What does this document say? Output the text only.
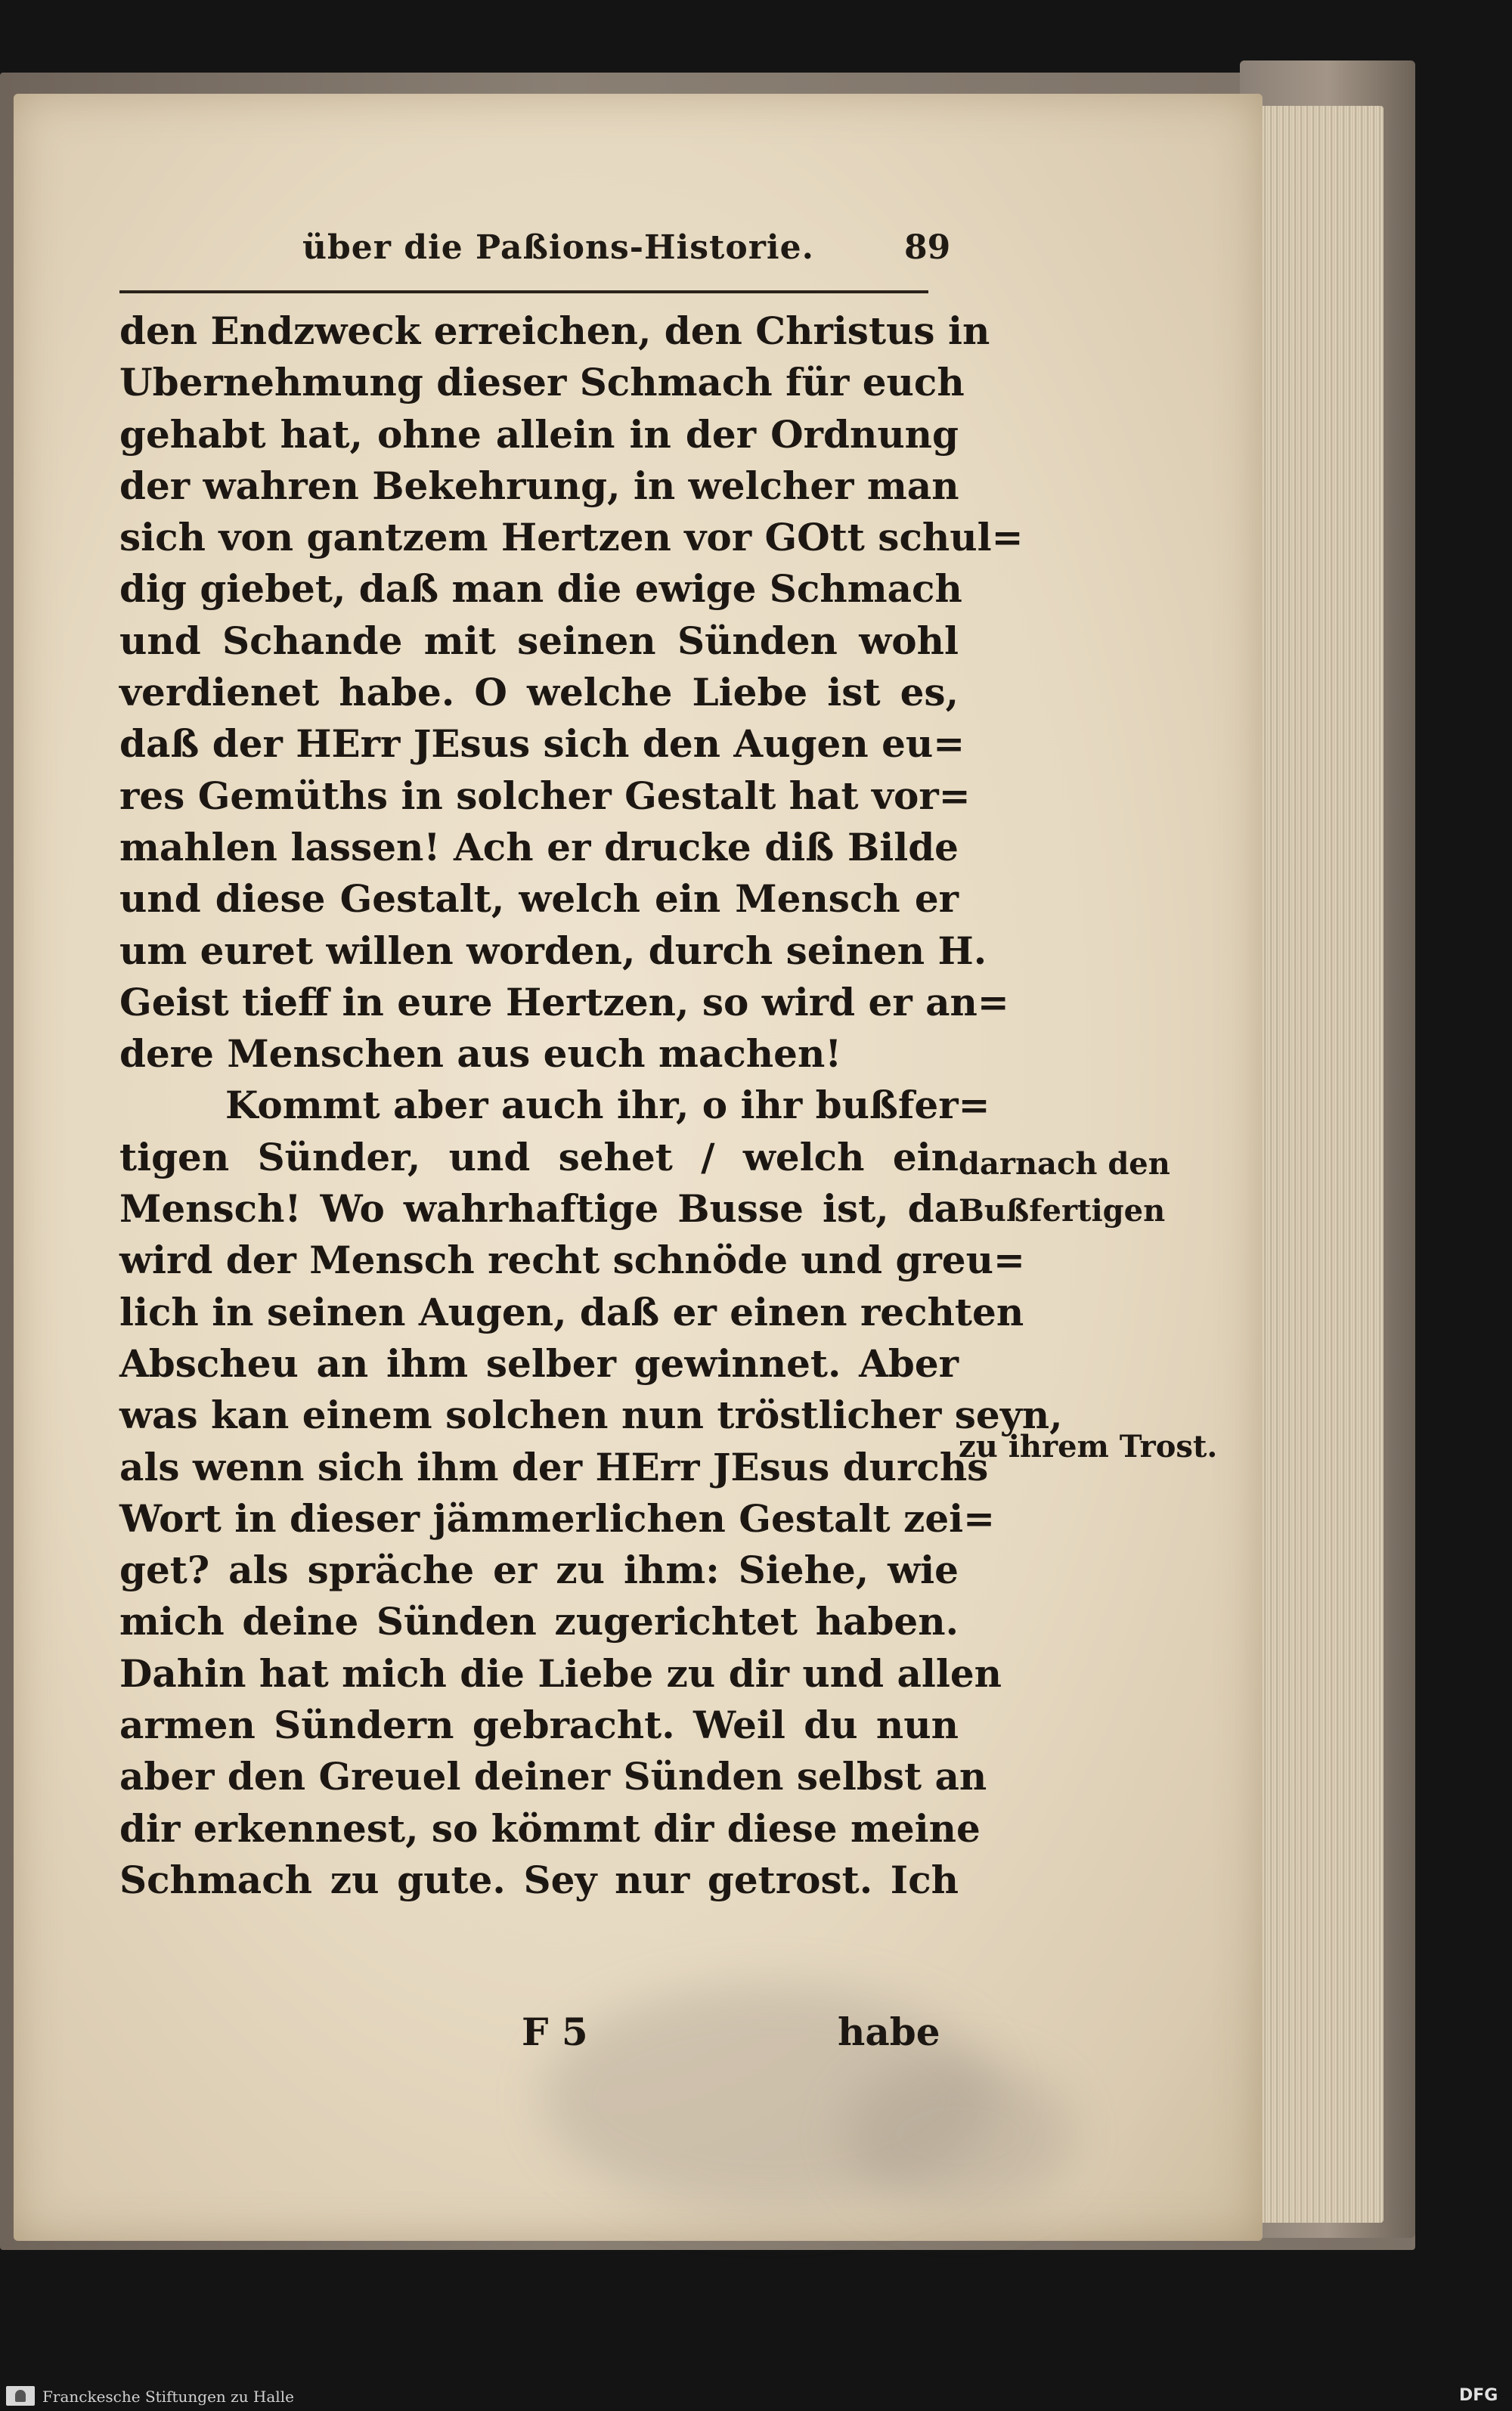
über die Paßions-Historie.	89
den Endzweck erreichen, den Christus in
Ubernehmung dieser Schmach für euch
gehabt hat, ohne allein in der Ordnung
der wahren Bekehrung, in welcher man
sich von gantzem Hertzen vor GOtt schul=
dig giebet, daß man die ewige Schmach
und Schande mit seinen Sünden wohl
verdienet habe. O welche Liebe ist es,
daß der HErr JEsus sich den Augen eu=
res Gemüths in solcher Gestalt hat vor=
mahlen lassen! Ach er drucke diß Bilde
und diese Gestalt, welch ein Mensch er
um euret willen worden, durch seinen H.
Geist tieff in eure Hertzen, so wird er an=
dere Menschen aus euch machen!
Kommt aber auch ihr, o ihr bußfer=
tigen Sünder, und sehet / welch ein
Mensch! Wo wahrhaftige Busse ist, da
wird der Mensch recht schnöde und greu=
lich in seinen Augen, daß er einen rechten
Abscheu an ihm selber gewinnet. Aber
was kan einem solchen nun tröstlicher seyn,
als wenn sich ihm der HErr JEsus durchs
Wort in dieser jämmerlichen Gestalt zei=
get? als spräche er zu ihm: Siehe, wie
mich deine Sünden zugerichtet haben.
Dahin hat mich die Liebe zu dir und allen
armen Sündern gebracht. Weil du nun
aber den Greuel deiner Sünden selbst an
dir erkennest, so kömmt dir diese meine
Schmach zu gute. Sey nur getrost. Ich
darnach den
Bußfertigen
zu ihrem Trost.
F 5	habe
Franckesche Stiftungen zu Halle	DFG
